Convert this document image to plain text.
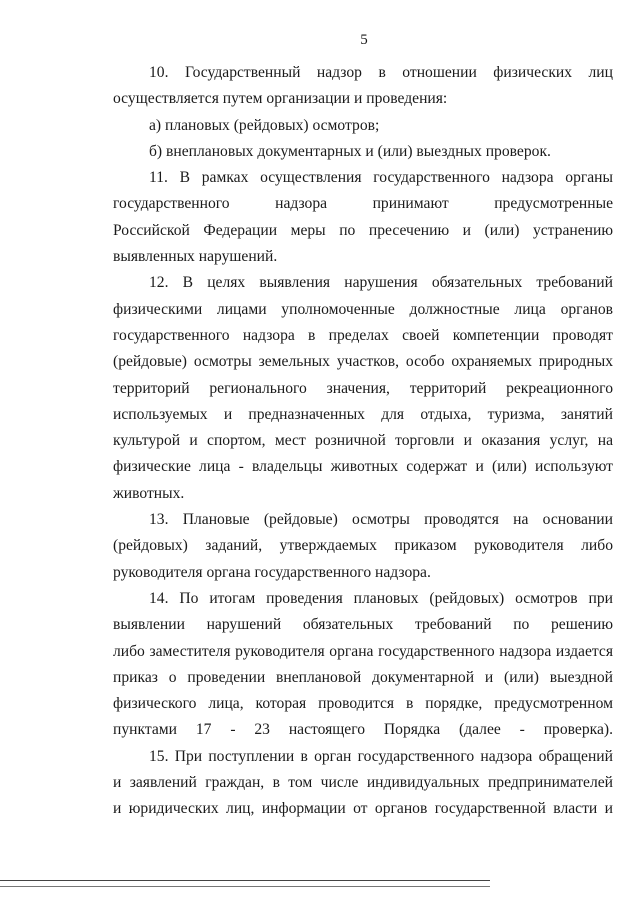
5
10. Государственный надзор в отношении физических лиц
осуществляется путем организации и проведения:
а) плановых (рейдовых) осмотров;
б) внеплановых документарных и (или) выездных проверок.
11. В рамках осуществления государственного надзора органы
государственного надзора принимают предусмотренные
Российской Федерации меры по пресечению и (или) устранению
выявленных нарушений.
12. В целях выявления нарушения обязательных требований
физическими лицами уполномоченные должностные лица органов
государственного надзора в пределах своей компетенции проводят
(рейдовые) осмотры земельных участков, особо охраняемых природных
территорий регионального значения, территорий рекреационного
используемых и предназначенных для отдыха, туризма, занятий
культурой и спортом, мест розничной торговли и оказания услуг, на
физические лица - владельцы животных содержат и (или) используют
животных.
13. Плановые (рейдовые) осмотры проводятся на основании
(рейдовых) заданий, утверждаемых приказом руководителя либо
руководителя органа государственного надзора.
14. По итогам проведения плановых (рейдовых) осмотров при
выявлении нарушений обязательных требований по решению
либо заместителя руководителя органа государственного надзора издается
приказ о проведении внеплановой документарной и (или) выездной
физического лица, которая проводится в порядке, предусмотренном
пунктами 17 - 23 настоящего Порядка (далее - проверка).
15. При поступлении в орган государственного надзора обращений
и заявлений граждан, в том числе индивидуальных предпринимателей
и юридических лиц, информации от органов государственной власти и
